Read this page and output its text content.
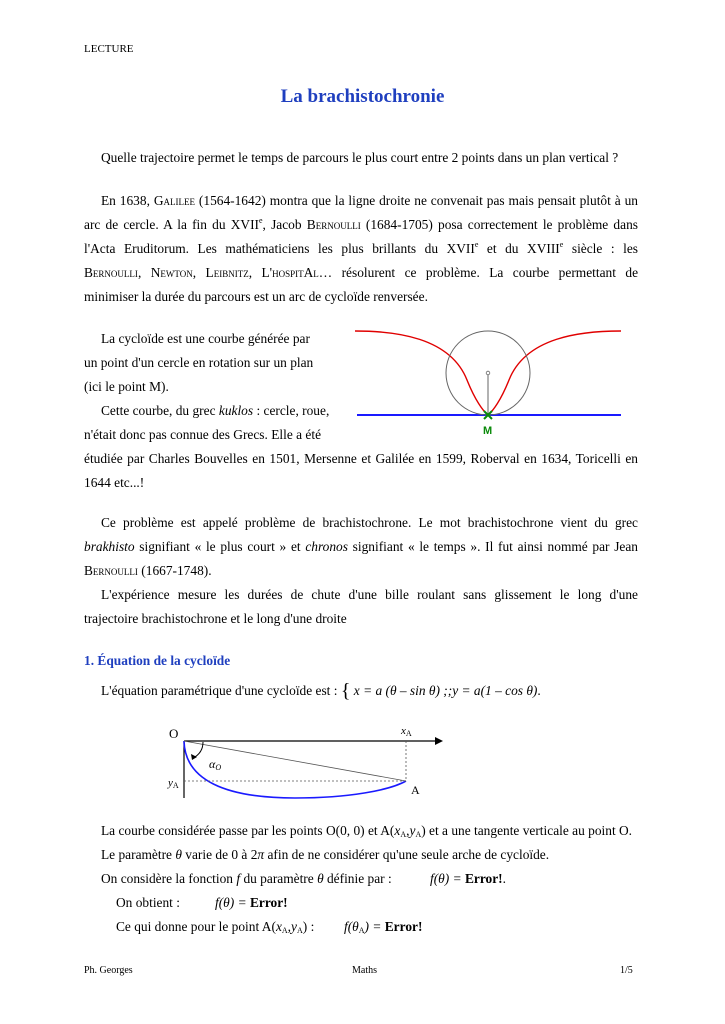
LECTURE
La brachistochronie
Quelle trajectoire permet le temps de parcours le plus court entre 2 points dans un plan vertical ?
En 1638, Galilee (1564-1642) montra que la ligne droite ne convenait pas mais pensait plutôt à un
arc de cercle. A la fin du XVIIe, Jacob Bernoulli (1684-1705) posa correctement le problème dans
l'Acta Eruditorum. Les mathématiciens les plus brillants du XVIIe et du XVIIIe siècle : les
Bernoulli, Newton, Leibnitz, L'hospitAl… résolurent ce problème. La courbe permettant de
minimiser la durée du parcours est un arc de cycloïde renversée.
La cycloïde est une courbe générée par
un point d'un cercle en rotation sur un plan
(ici le point M).
Cette courbe, du grec kuklos : cercle, roue,
n'était donc pas connue des Grecs. Elle a été
étudiée par Charles Bouvelles en 1501, Mersenne et Galilée en 1599, Roberval en 1634, Toricelli en
1644 etc...!
M
Ce problème est appelé problème de brachistochrone. Le mot brachistochrone vient du grec
brakhisto signifiant « le plus court » et chronos signifiant « le temps ». Il fut ainsi nommé par Jean
Bernoulli (1667-1748).
L'expérience mesure les durées de chute d'une bille roulant sans glissement le long d'une
trajectoire brachistochrone et le long d'une droite
1. Équation de la cycloïde
L'équation paramétrique d'une cycloïde est : { x = a (θ – sin θ) ;;y = a(1 – cos θ).
O	xA
yA	A
αO
La courbe considérée passe par les points O(0, 0) et $A(x_A,y_A)$ et a une tangente verticale au point O.
Le paramètre θ varie de 0 à 2π afin de ne considérer qu'une seule arche de cycloïde.
On considère la fonction f du paramètre θ définie par :	f(θ) = Error!.
On obtient :	f(θ) = Error!
Ce qui donne pour le point $A(x_A,y_A)$ : $f(\theta_A)$ = Error!
Ph. Georges	Maths	1/5
